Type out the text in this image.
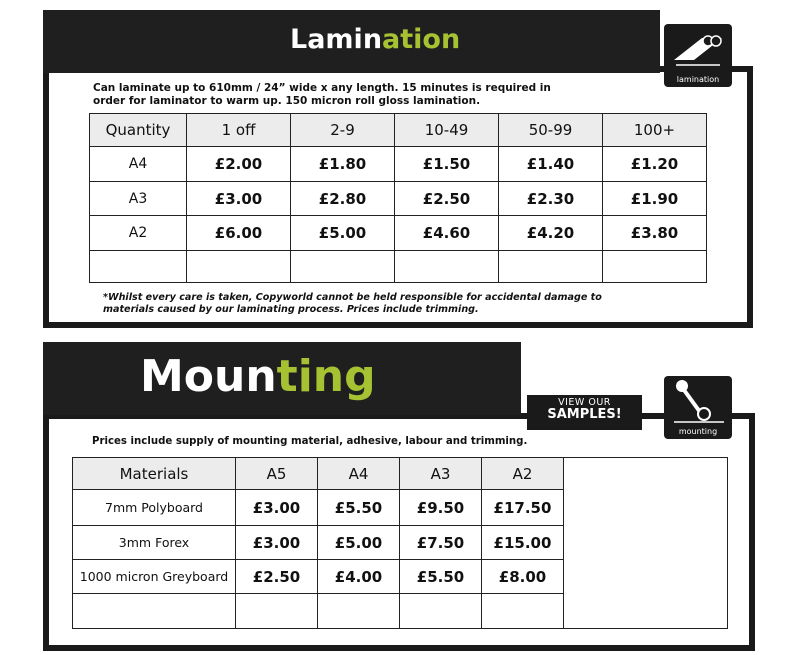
Lamination
lamination
Can laminate up to 610mm / 24” wide x any length. 15 minutes is required in
order for laminator to warm up. 150 micron roll gloss lamination.
Quantity	1 off	2-9	10-49	50-99	100+
A4	£2.00	£1.80	£1.50	£1.40	£1.20
A3	£3.00	£2.80	£2.50	£2.30	£1.90
A2	£6.00	£5.00	£4.60	£4.20	£3.80

*Whilst every care is taken, Copyworld cannot be held responsible for accidental damage to
materials caused by our laminating process. Prices include trimming.
Mounting
VIEW OUR
SAMPLES!
mounting
Prices include supply of mounting material, adhesive, labour and trimming.
Materials	A5	A4	A3	A2	
7mm Polyboard	£3.00	£5.50	£9.50	£17.50	
3mm Forex	£3.00	£5.00	£7.50	£15.00	
1000 micron Greyboard	£2.50	£4.00	£5.50	£8.00	
